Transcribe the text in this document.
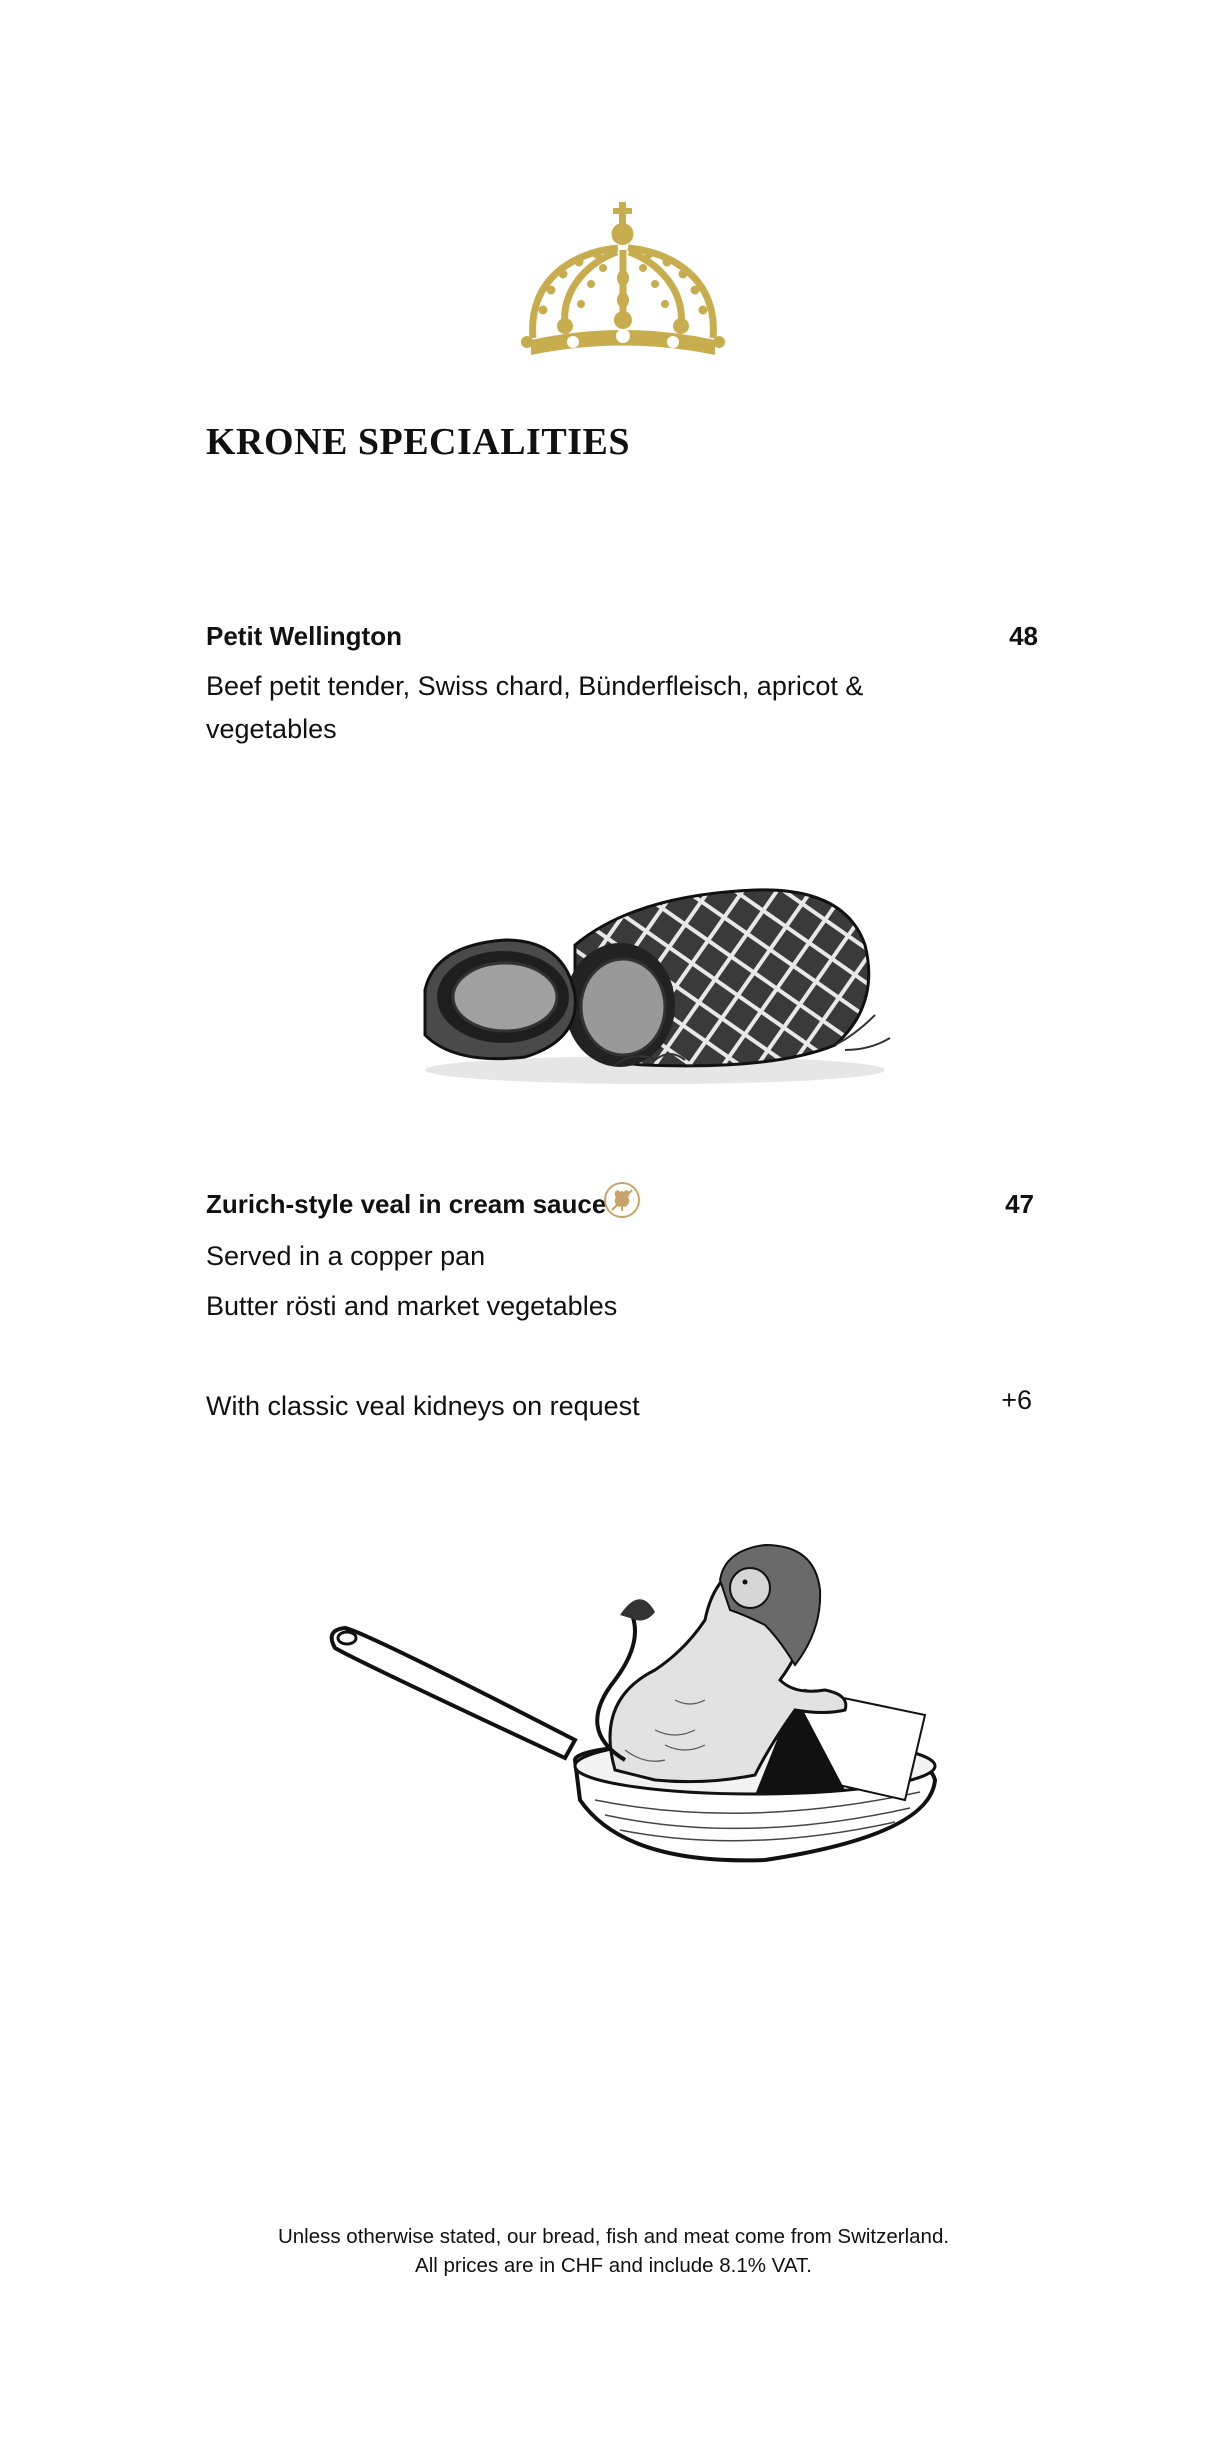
KRONE SPECIALITIES
Petit Wellington	48
Beef petit tender, Swiss chard, Bünderfleisch, apricot &
vegetables
Zurich-style veal in cream sauce	47
Served in a copper pan
Butter rösti and market vegetables
With classic veal kidneys on request	+6
Unless otherwise stated, our bread, fish and meat come from Switzerland.
All prices are in CHF and include 8.1% VAT.
